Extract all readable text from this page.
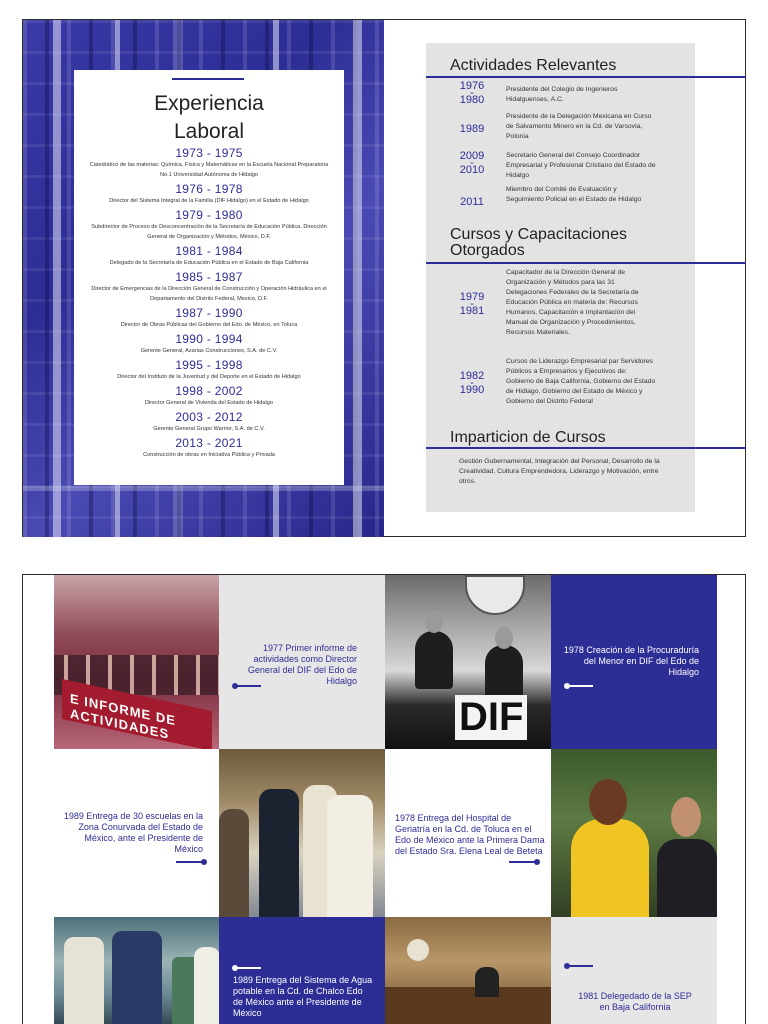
Experiencia
Laboral
1973 - 1975
Catedrático de las materias: Química, Física y Matemáticas en la Escuela Nacional Preparatoria No.1 Universidad Autónoma de Hidalgo
1976 - 1978
Director del Sistema Integral de la Familia (DIF Hidalgo) en el Estado de Hidalgo
1979 - 1980
Subdirector de Proceso de Desconcentración de la Secretaría de Educación Pública. Dirección General de Organización y Métodos, México, D.F.
1981 - 1984
Delegado de la Secretaría de Educación Pública en el Estado de Baja California
1985 - 1987
Director de Emergencias de la Dirección General de Construcción y Operación Hidráulica en el Departamento del Distrito Federal, Mexico, D.F.
1987 - 1990
Director de Obras Públicas del Gobierno del Edo. de México, en Toluca
1990 - 1994
Gerente General, Azarias Construcciones, S.A. de C.V.
1995 - 1998
Director del Instituto de la Juventud y del Deporte en el Estado de Hidalgo
1998 - 2002
Director General de Vivienda del Estado de Hidalgo
2003 - 2012
Gerente General Grupo Warrior, S.A. de C.V.
2013 - 2021
Construcción de obras en Iniciativa Pública y Privada
Actividades Relevantes
1976
-
1980
Presidente del Colegio de Ingenieros Hidalguenses, A.C.
1989
Presidente de la Delegación Mexicana en Curso de Salvamento Minero en la Cd. de Varsovia, Polonia
2009
-
2010
Secretario General del Consejo Coordinador Empresarial y Profesional Cristiano del Estado de Hidalgo
2011
Miembro del Comité de Evaluación y Seguimiento Policial en el Estado de Hidalgo
Cursos y Capacitaciones
Otorgados
1979
-
1981
Capacitador de la Dirección General de Organización y Métodos para las 31 Delegaciones Federales de la Secretaría de Educación Pública en materia de: Recursos Humanos, Capacitación e Implantación del Manual de Organización y Procedimientos, Recursos Materiales.
1982
-
1990
Cursos de Liderazgo Empresarial par Servidores Públicos a Empresarios y Ejecutivos de: Gobierno de Baja California, Gobierno del Estado de Hidlago, Gobierno del Estado de México y Gobierno del Distrito Federal
Imparticion de Cursos
Gestión Gubernamental, Integración del Personal, Desarrollo de la Creatividad, Cultura Emprendedora, Liderazgo y Motivación, entre otros.
E INFORME DE ACTIVIDADES
1977 Primer informe de actividades como Director General del DIF del Edo de Hidalgo
DIF
1978 Creación de la Procuraduría del Menor en DIF del Edo de Hidalgo
1989 Entrega de 30 escuelas en la Zona Conurvada del Estado de México, ante el Presidente de México
1978 Entrega del Hospital de Geriatría en la Cd. de Toluca en el Edo de México ante la Primera Dama del Estado Sra. Elena Leal de Beteta
1989 Entrega del Sistema de Agua potable en la Cd. de Chalco Edo de México ante el Presidente de México
1981 Delegedado de la SEP en Baja California
